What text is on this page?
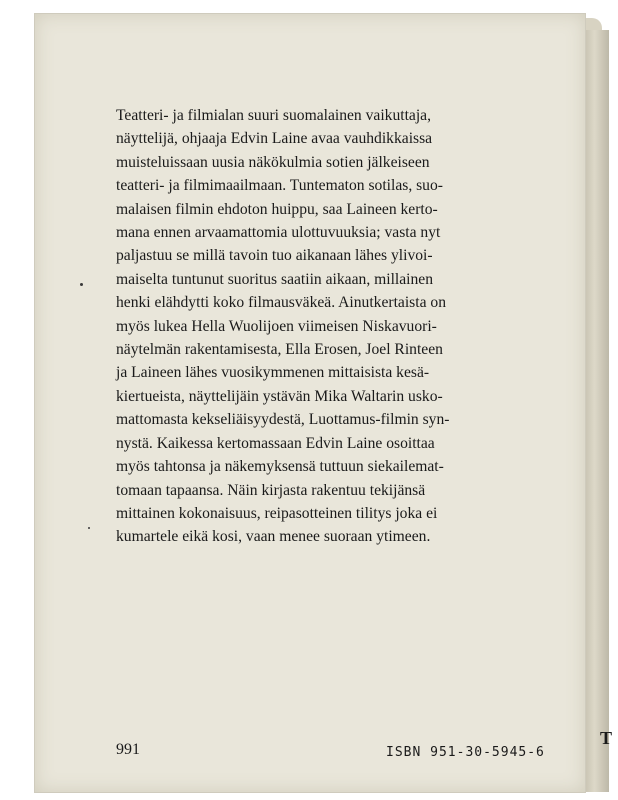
T

Teatteri- ja filmialan suuri suomalainen vaikuttaja,
näyttelijä, ohjaaja Edvin Laine avaa vauhdikkaissa
muisteluissaan uusia näkökulmia sotien jälkeiseen
teatteri- ja filmimaailmaan. Tuntematon sotilas, suo-
malaisen filmin ehdoton huippu, saa Laineen kerto-
mana ennen arvaamattomia ulottuvuuksia; vasta nyt
paljastuu se millä tavoin tuo aikanaan lähes ylivoi-
maiselta tuntunut suoritus saatiin aikaan, millainen
henki elähdytti koko filmausväkeä. Ainutkertaista on
myös lukea Hella Wuolijoen viimeisen Niskavuori-
näytelmän rakentamisesta, Ella Erosen, Joel Rinteen
ja Laineen lähes vuosikymmenen mittaisista kesä-
kiertueista, näyttelijäin ystävän Mika Waltarin usko-
mattomasta kekseliäisyydestä, Luottamus-filmin syn-
nystä. Kaikessa kertomassaan Edvin Laine osoittaa
myös tahtonsa ja näkemyksensä tuttuun siekailemat-
tomaan tapaansa. Näin kirjasta rakentuu tekijänsä
mittainen kokonaisuus, reipasotteinen tilitys joka ei
kumartele eikä kosi, vaan menee suoraan ytimeen.

991	ISBN 951-30-5945-6
